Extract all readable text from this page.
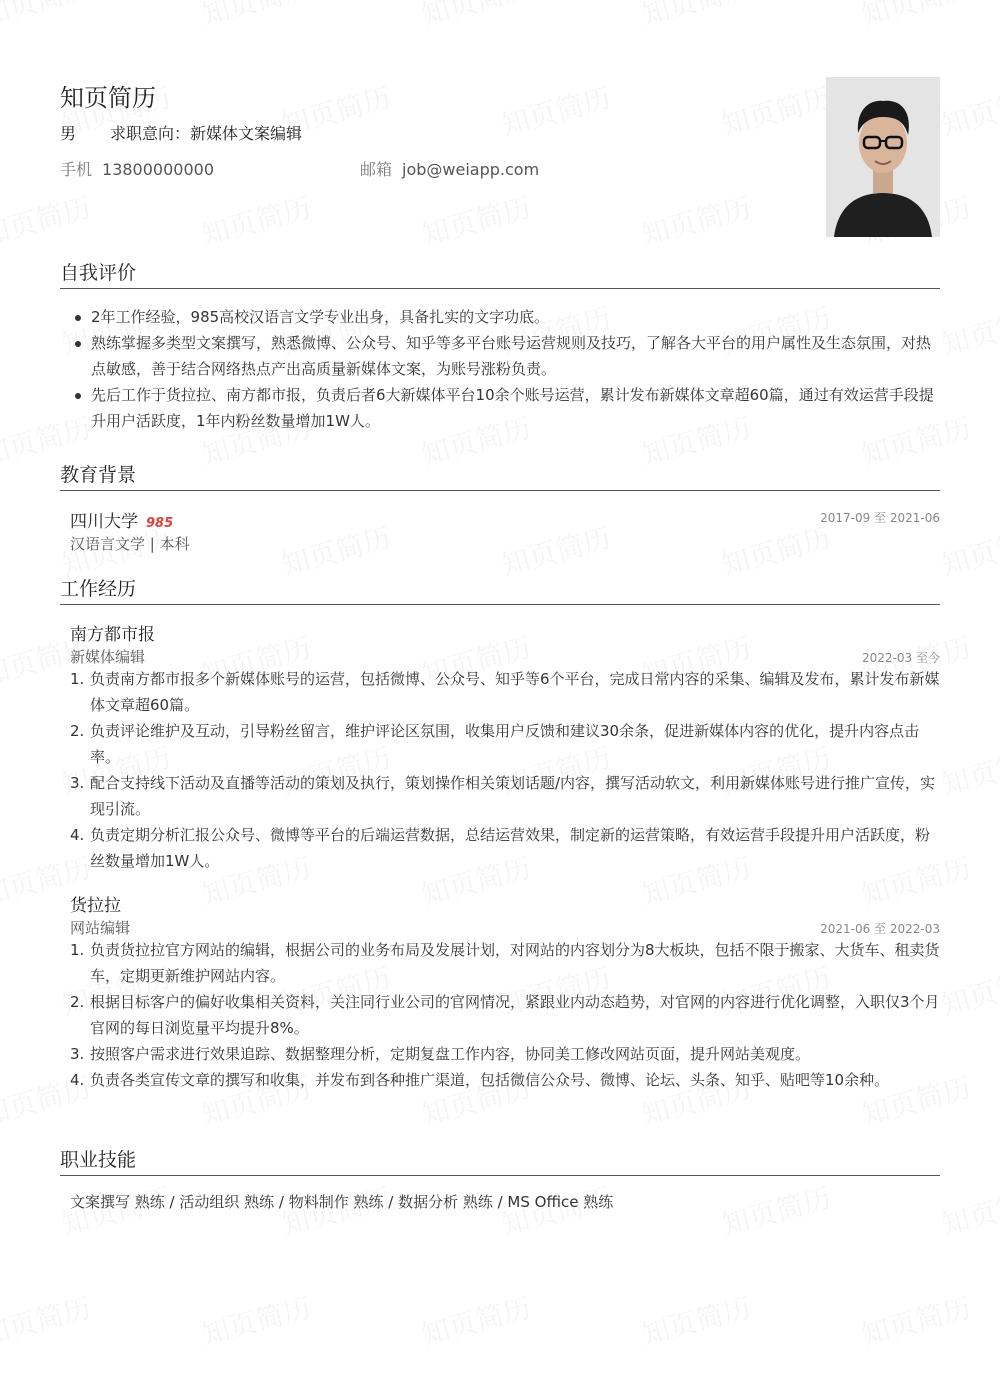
知页简历
男 求职意向：新媒体文案编辑
手机 13800000000	邮箱 job@weiapp.com
自我评价
2年工作经验，985高校汉语言文学专业出身，具备扎实的文字功底。
熟练掌握多类型文案撰写，熟悉微博、公众号、知乎等多平台账号运营规则及技巧，了解各大平台的用户属性及生态氛围，对热点敏感，善于结合网络热点产出高质量新媒体文案，为账号涨粉负责。
先后工作于货拉拉、南方都市报，负责后者6大新媒体平台10余个账号运营，累计发布新媒体文章超60篇，通过有效运营手段提升用户活跃度，1年内粉丝数量增加1W人。
教育背景
四川大学 985	2017-09 至 2021-06
汉语言文学 | 本科
工作经历
南方都市报
新媒体编辑	2022-03 至今
1. 负责南方都市报多个新媒体账号的运营，包括微博、公众号、知乎等6个平台，完成日常内容的采集、编辑及发布，累计发布新媒体文章超60篇。
2. 负责评论维护及互动，引导粉丝留言，维护评论区氛围，收集用户反馈和建议30余条，促进新媒体内容的优化，提升内容点击率。
3. 配合支持线下活动及直播等活动的策划及执行，策划操作相关策划话题/内容，撰写活动软文，利用新媒体账号进行推广宣传，实现引流。
4. 负责定期分析汇报公众号、微博等平台的后端运营数据，总结运营效果，制定新的运营策略，有效运营手段提升用户活跃度，粉丝数量增加1W人。
货拉拉
网站编辑	2021-06 至 2022-03
1. 负责货拉拉官方网站的编辑，根据公司的业务布局及发展计划，对网站的内容划分为8大板块，包括不限于搬家、大货车、租卖货车，定期更新维护网站内容。
2. 根据目标客户的偏好收集相关资料，关注同行业公司的官网情况，紧跟业内动态趋势，对官网的内容进行优化调整，入职仅3个月官网的每日浏览量平均提升8%。
3. 按照客户需求进行效果追踪、数据整理分析，定期复盘工作内容，协同美工修改网站页面，提升网站美观度。
4. 负责各类宣传文章的撰写和收集，并发布到各种推广渠道，包括微信公众号、微博、论坛、头条、知乎、贴吧等10余种。
职业技能
文案撰写 熟练 / 活动组织 熟练 / 物料制作 熟练 / 数据分析 熟练 / MS Office 熟练
